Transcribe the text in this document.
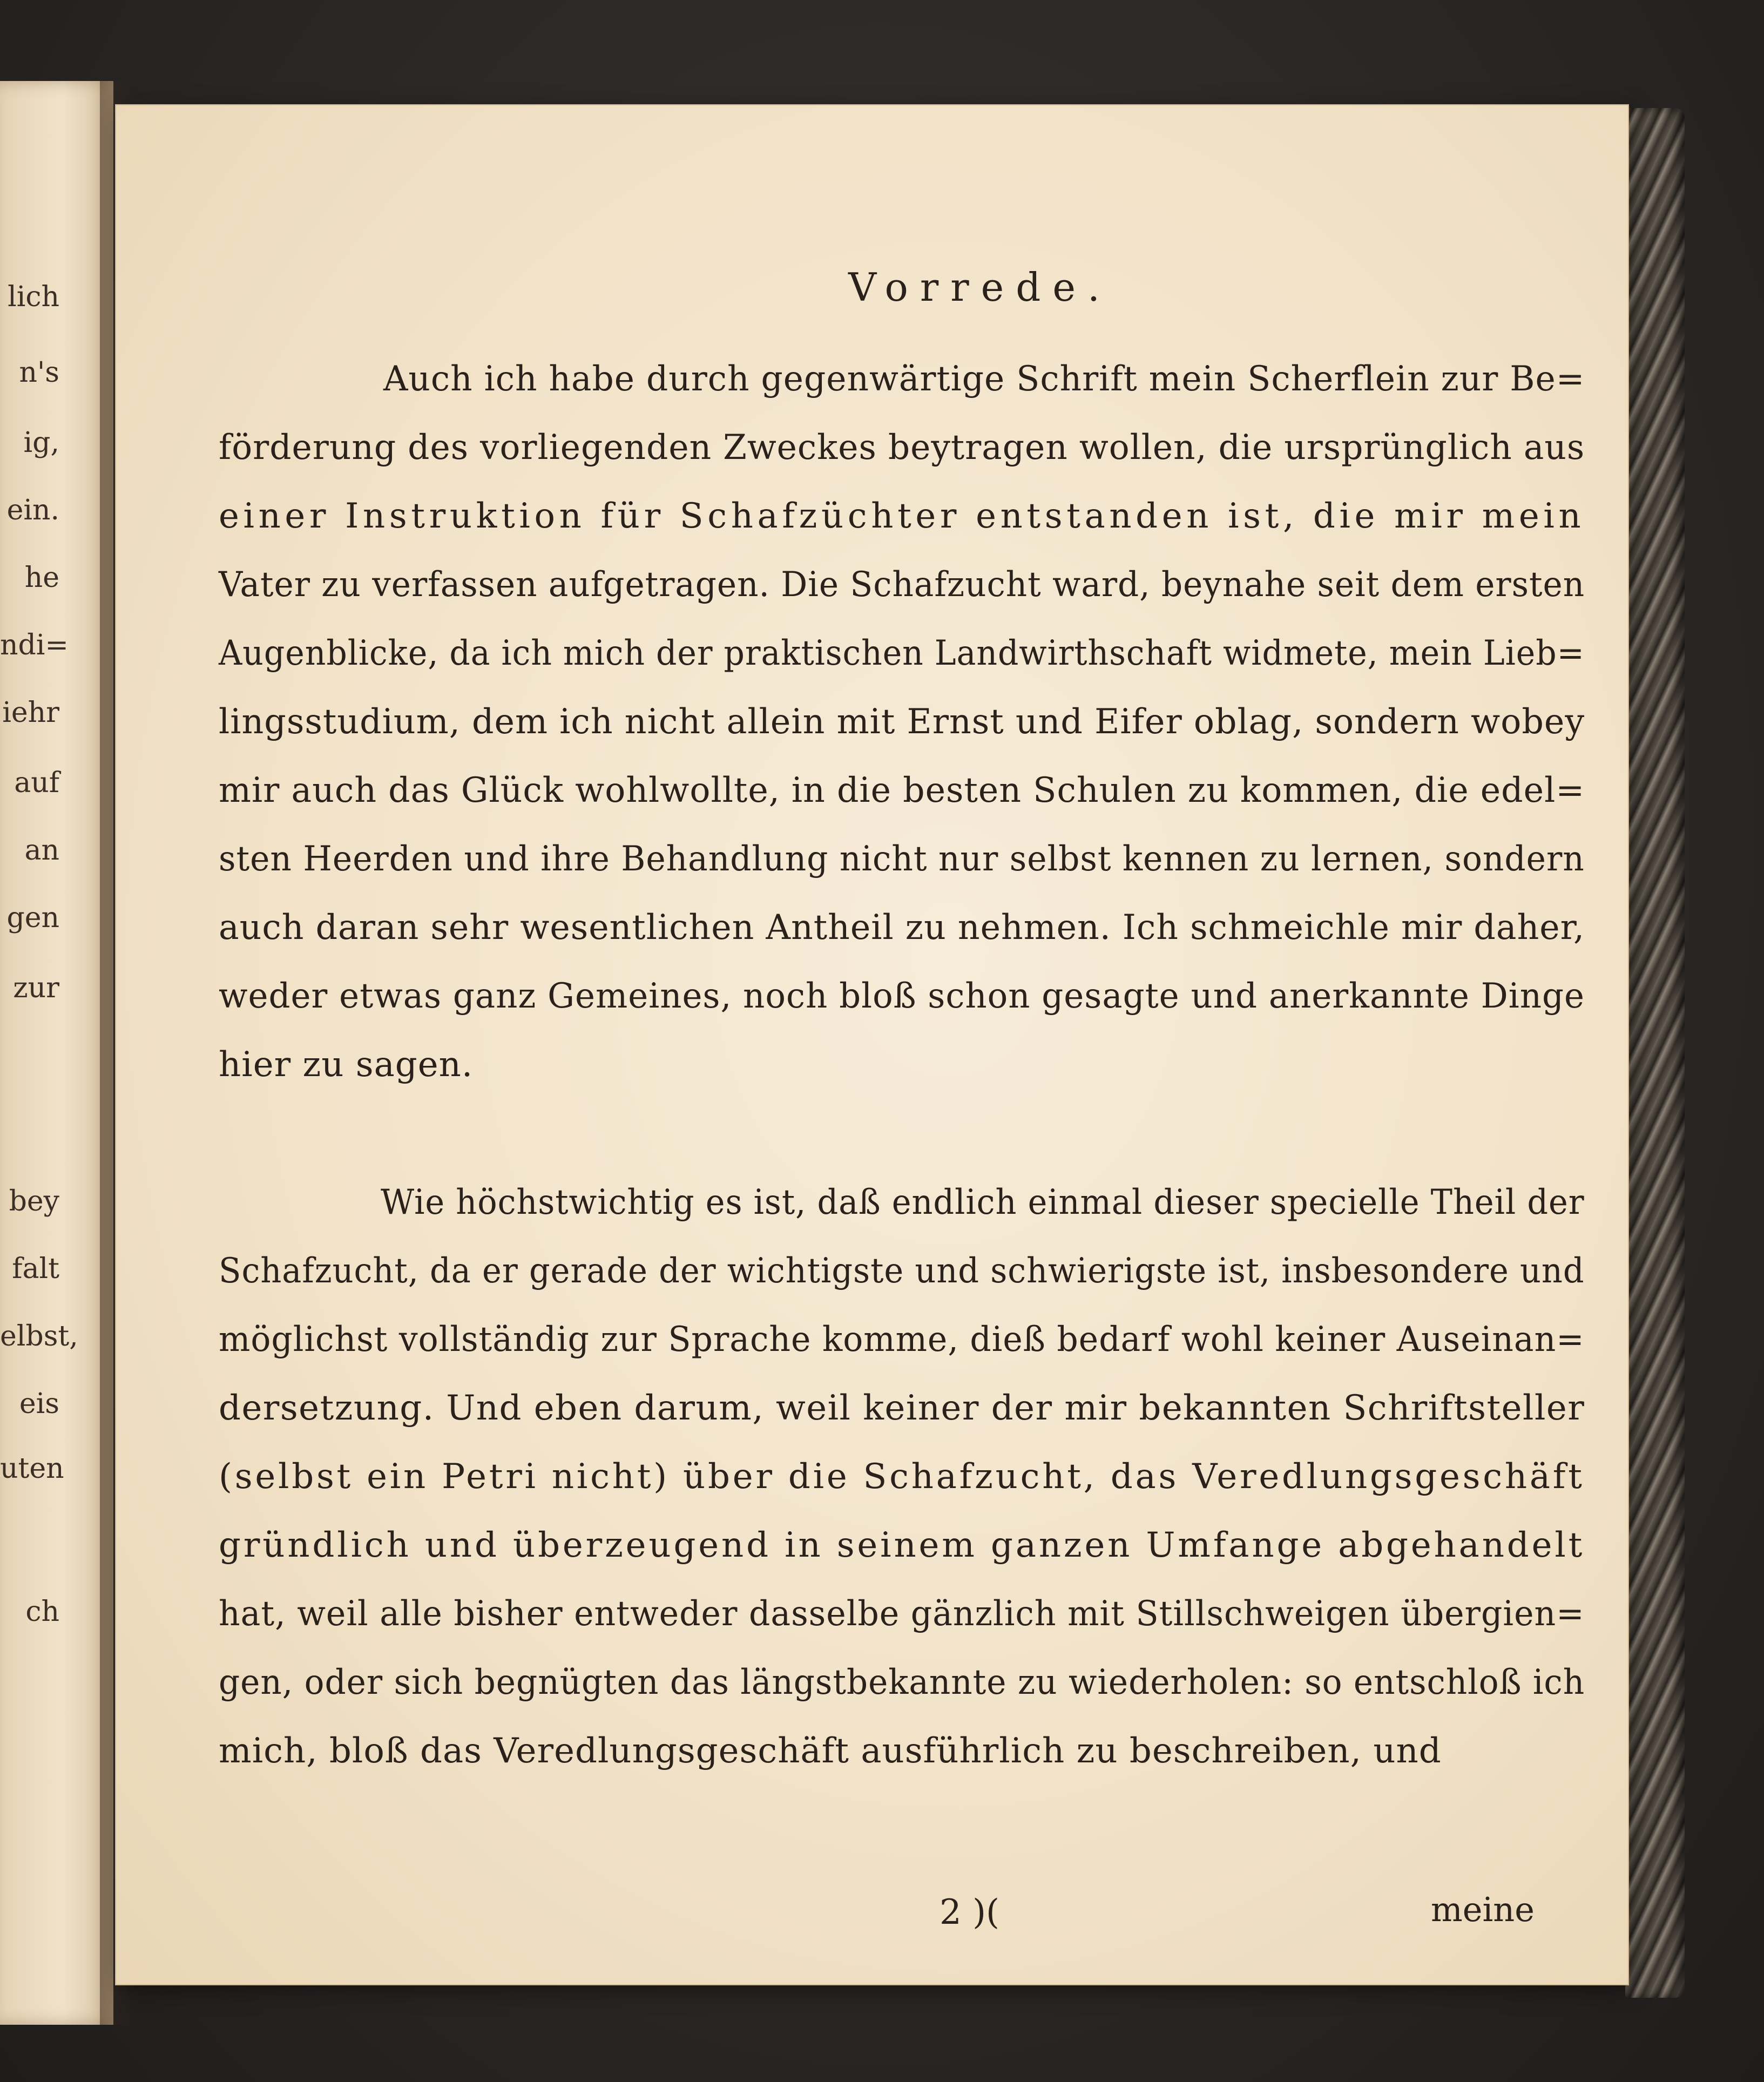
lich
n's
ig,
ein.
he
ndi=
iehr
auf
an
gen
zur
bey
falt
elbst,
eis
uten
ch
Vorrede.
Auch ich habe durch gegenwärtige Schrift mein Scherflein zur Be=
förderung des vorliegenden Zweckes beytragen wollen, die ursprünglich aus
einer Instruktion für Schafzüchter entstanden ist, die mir mein
Vater zu verfassen aufgetragen. Die Schafzucht ward, beynahe seit dem ersten
Augenblicke, da ich mich der praktischen Landwirthschaft widmete, mein Lieb=
lingsstudium, dem ich nicht allein mit Ernst und Eifer oblag, sondern wobey
mir auch das Glück wohlwollte, in die besten Schulen zu kommen, die edel=
sten Heerden und ihre Behandlung nicht nur selbst kennen zu lernen, sondern
auch daran sehr wesentlichen Antheil zu nehmen. Ich schmeichle mir daher,
weder etwas ganz Gemeines, noch bloß schon gesagte und anerkannte Dinge
hier zu sagen.
Wie höchstwichtig es ist, daß endlich einmal dieser specielle Theil der
Schafzucht, da er gerade der wichtigste und schwierigste ist, insbesondere und
möglichst vollständig zur Sprache komme, dieß bedarf wohl keiner Auseinan=
dersetzung. Und eben darum, weil keiner der mir bekannten Schriftsteller
(selbst ein Petri nicht) über die Schafzucht, das Veredlungsgeschäft
gründlich und überzeugend in seinem ganzen Umfange abgehandelt
hat, weil alle bisher entweder dasselbe gänzlich mit Stillschweigen übergien=
gen, oder sich begnügten das längstbekannte zu wiederholen: so entschloß ich
mich, bloß das Veredlungsgeschäft ausführlich zu beschreiben, und
2 )(	meine
